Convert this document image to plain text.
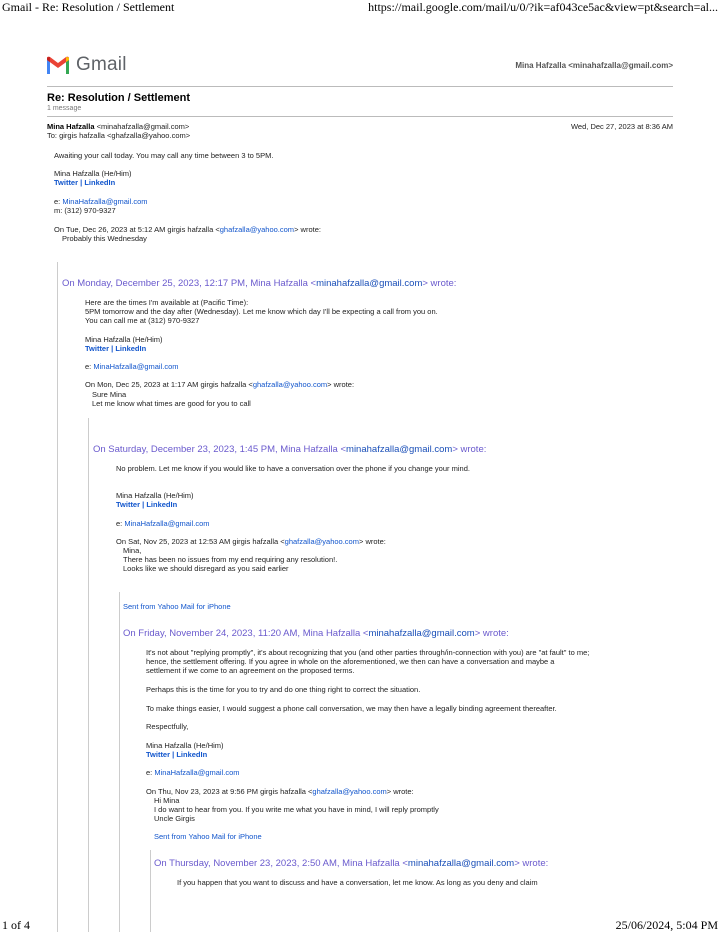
Gmail - Re: Resolution / Settlement	https://mail.google.com/mail/u/0/?ik=af043ce5ac&view=pt&search=al...
1 of 4	25/06/2024, 5:04 PM
Gmail	Mina Hafzalla <minahafzalla@gmail.com>
Re: Resolution / Settlement
1 message
Mina Hafzalla <minahafzalla@gmail.com>	Wed, Dec 27, 2023 at 8:36 AM
To: girgis hafzalla <ghafzalla@yahoo.com>
Awaiting your call today. You may call any time between 3 to 5PM.
Mina Hafzalla (He/Him)
Twitter | LinkedIn
e: MinaHafzalla@gmail.com
m: (312) 970-9327
On Tue, Dec 26, 2023 at 5:12 AM girgis hafzalla <ghafzalla@yahoo.com> wrote:
Probably this Wednesday
On Monday, December 25, 2023, 12:17 PM, Mina Hafzalla <minahafzalla@gmail.com> wrote:
Here are the times I'm available at (Pacific Time):
5PM tomorrow and the day after (Wednesday). Let me know which day I'll be expecting a call from you on.
You can call me at (312) 970-9327
Mina Hafzalla (He/Him)
Twitter | LinkedIn
e: MinaHafzalla@gmail.com
On Mon, Dec 25, 2023 at 1:17 AM girgis hafzalla <ghafzalla@yahoo.com> wrote:
Sure Mina
Let me know what times are good for you to call
On Saturday, December 23, 2023, 1:45 PM, Mina Hafzalla <minahafzalla@gmail.com> wrote:
No problem. Let me know if you would like to have a conversation over the phone if you change your mind.
Mina Hafzalla (He/Him)
Twitter | LinkedIn
e: MinaHafzalla@gmail.com
On Sat, Nov 25, 2023 at 12:53 AM girgis hafzalla <ghafzalla@yahoo.com> wrote:
Mina,
There has been no issues from my end requiring any resolution!.
Looks like we should disregard as you said earlier
Sent from Yahoo Mail for iPhone
On Friday, November 24, 2023, 11:20 AM, Mina Hafzalla <minahafzalla@gmail.com> wrote:
It's not about "replying promptly", it's about recognizing that you (and other parties through/in-connection with you) are "at fault" to me;
hence, the settlement offering. If you agree in whole on the aforementioned, we then can have a conversation and maybe a
settlement if we come to an agreement on the proposed terms.
Perhaps this is the time for you to try and do one thing right to correct the situation.
To make things easier, I would suggest a phone call conversation, we may then have a legally binding agreement thereafter.
Respectfully,
Mina Hafzalla (He/Him)
Twitter | LinkedIn
e: MinaHafzalla@gmail.com
On Thu, Nov 23, 2023 at 9:56 PM girgis hafzalla <ghafzalla@yahoo.com> wrote:
Hi Mina
I do want to hear from you. If you write me what you have in mind, I will reply promptly
Uncle Girgis
Sent from Yahoo Mail for iPhone
On Thursday, November 23, 2023, 2:50 AM, Mina Hafzalla <minahafzalla@gmail.com> wrote:
If you happen that you want to discuss and have a conversation, let me know. As long as you deny and claim
